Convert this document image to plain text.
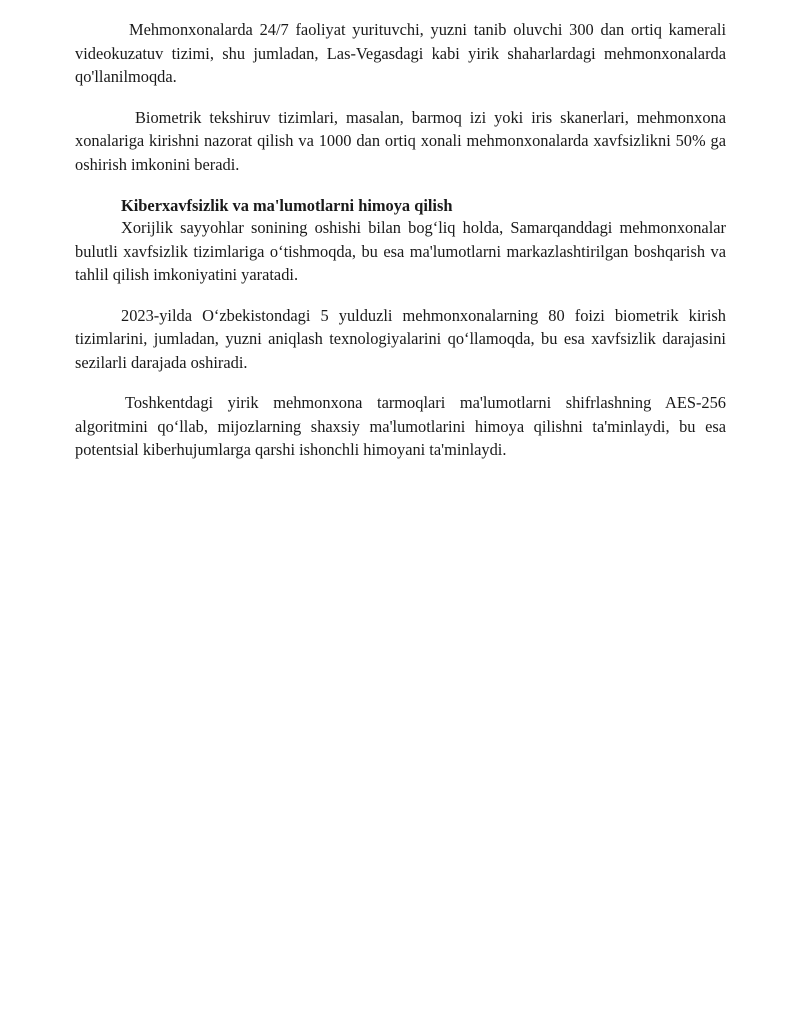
Mehmonxonalarda 24/7 faoliyat yurituvchi, yuzni tanib oluvchi 300 dan ortiq kamerali videokuzatuv tizimi, shu jumladan, Las-Vegasdagi kabi yirik shaharlardagi mehmonxonalarda qo'llanilmoqda.

Biometrik tekshiruv tizimlari, masalan, barmoq izi yoki iris skanerlari, mehmonxona xonalariga kirishni nazorat qilish va 1000 dan ortiq xonali mehmonxonalarda xavfsizlikni 50% ga oshirish imkonini beradi.

Kiberxavfsizlik va ma'lumotlarni himoya qilish

Xorijlik sayyohlar sonining oshishi bilan bog‘liq holda, Samarqanddagi mehmonxonalar bulutli xavfsizlik tizimlariga o‘tishmoqda, bu esa ma'lumotlarni markazlashtirilgan boshqarish va tahlil qilish imkoniyatini yaratadi.

2023-yilda O‘zbekistondagi 5 yulduzli mehmonxonalarning 80 foizi biometrik kirish tizimlarini, jumladan, yuzni aniqlash texnologiyalarini qo‘llamoqda, bu esa xavfsizlik darajasini sezilarli darajada oshiradi.

Toshkentdagi yirik mehmonxona tarmoqlari ma'lumotlarni shifrlashning AES-256 algoritmini qo‘llab, mijozlarning shaxsiy ma'lumotlarini himoya qilishni ta'minlaydi, bu esa potentsial kiberhujumlarga qarshi ishonchli himoyani ta'minlaydi.
